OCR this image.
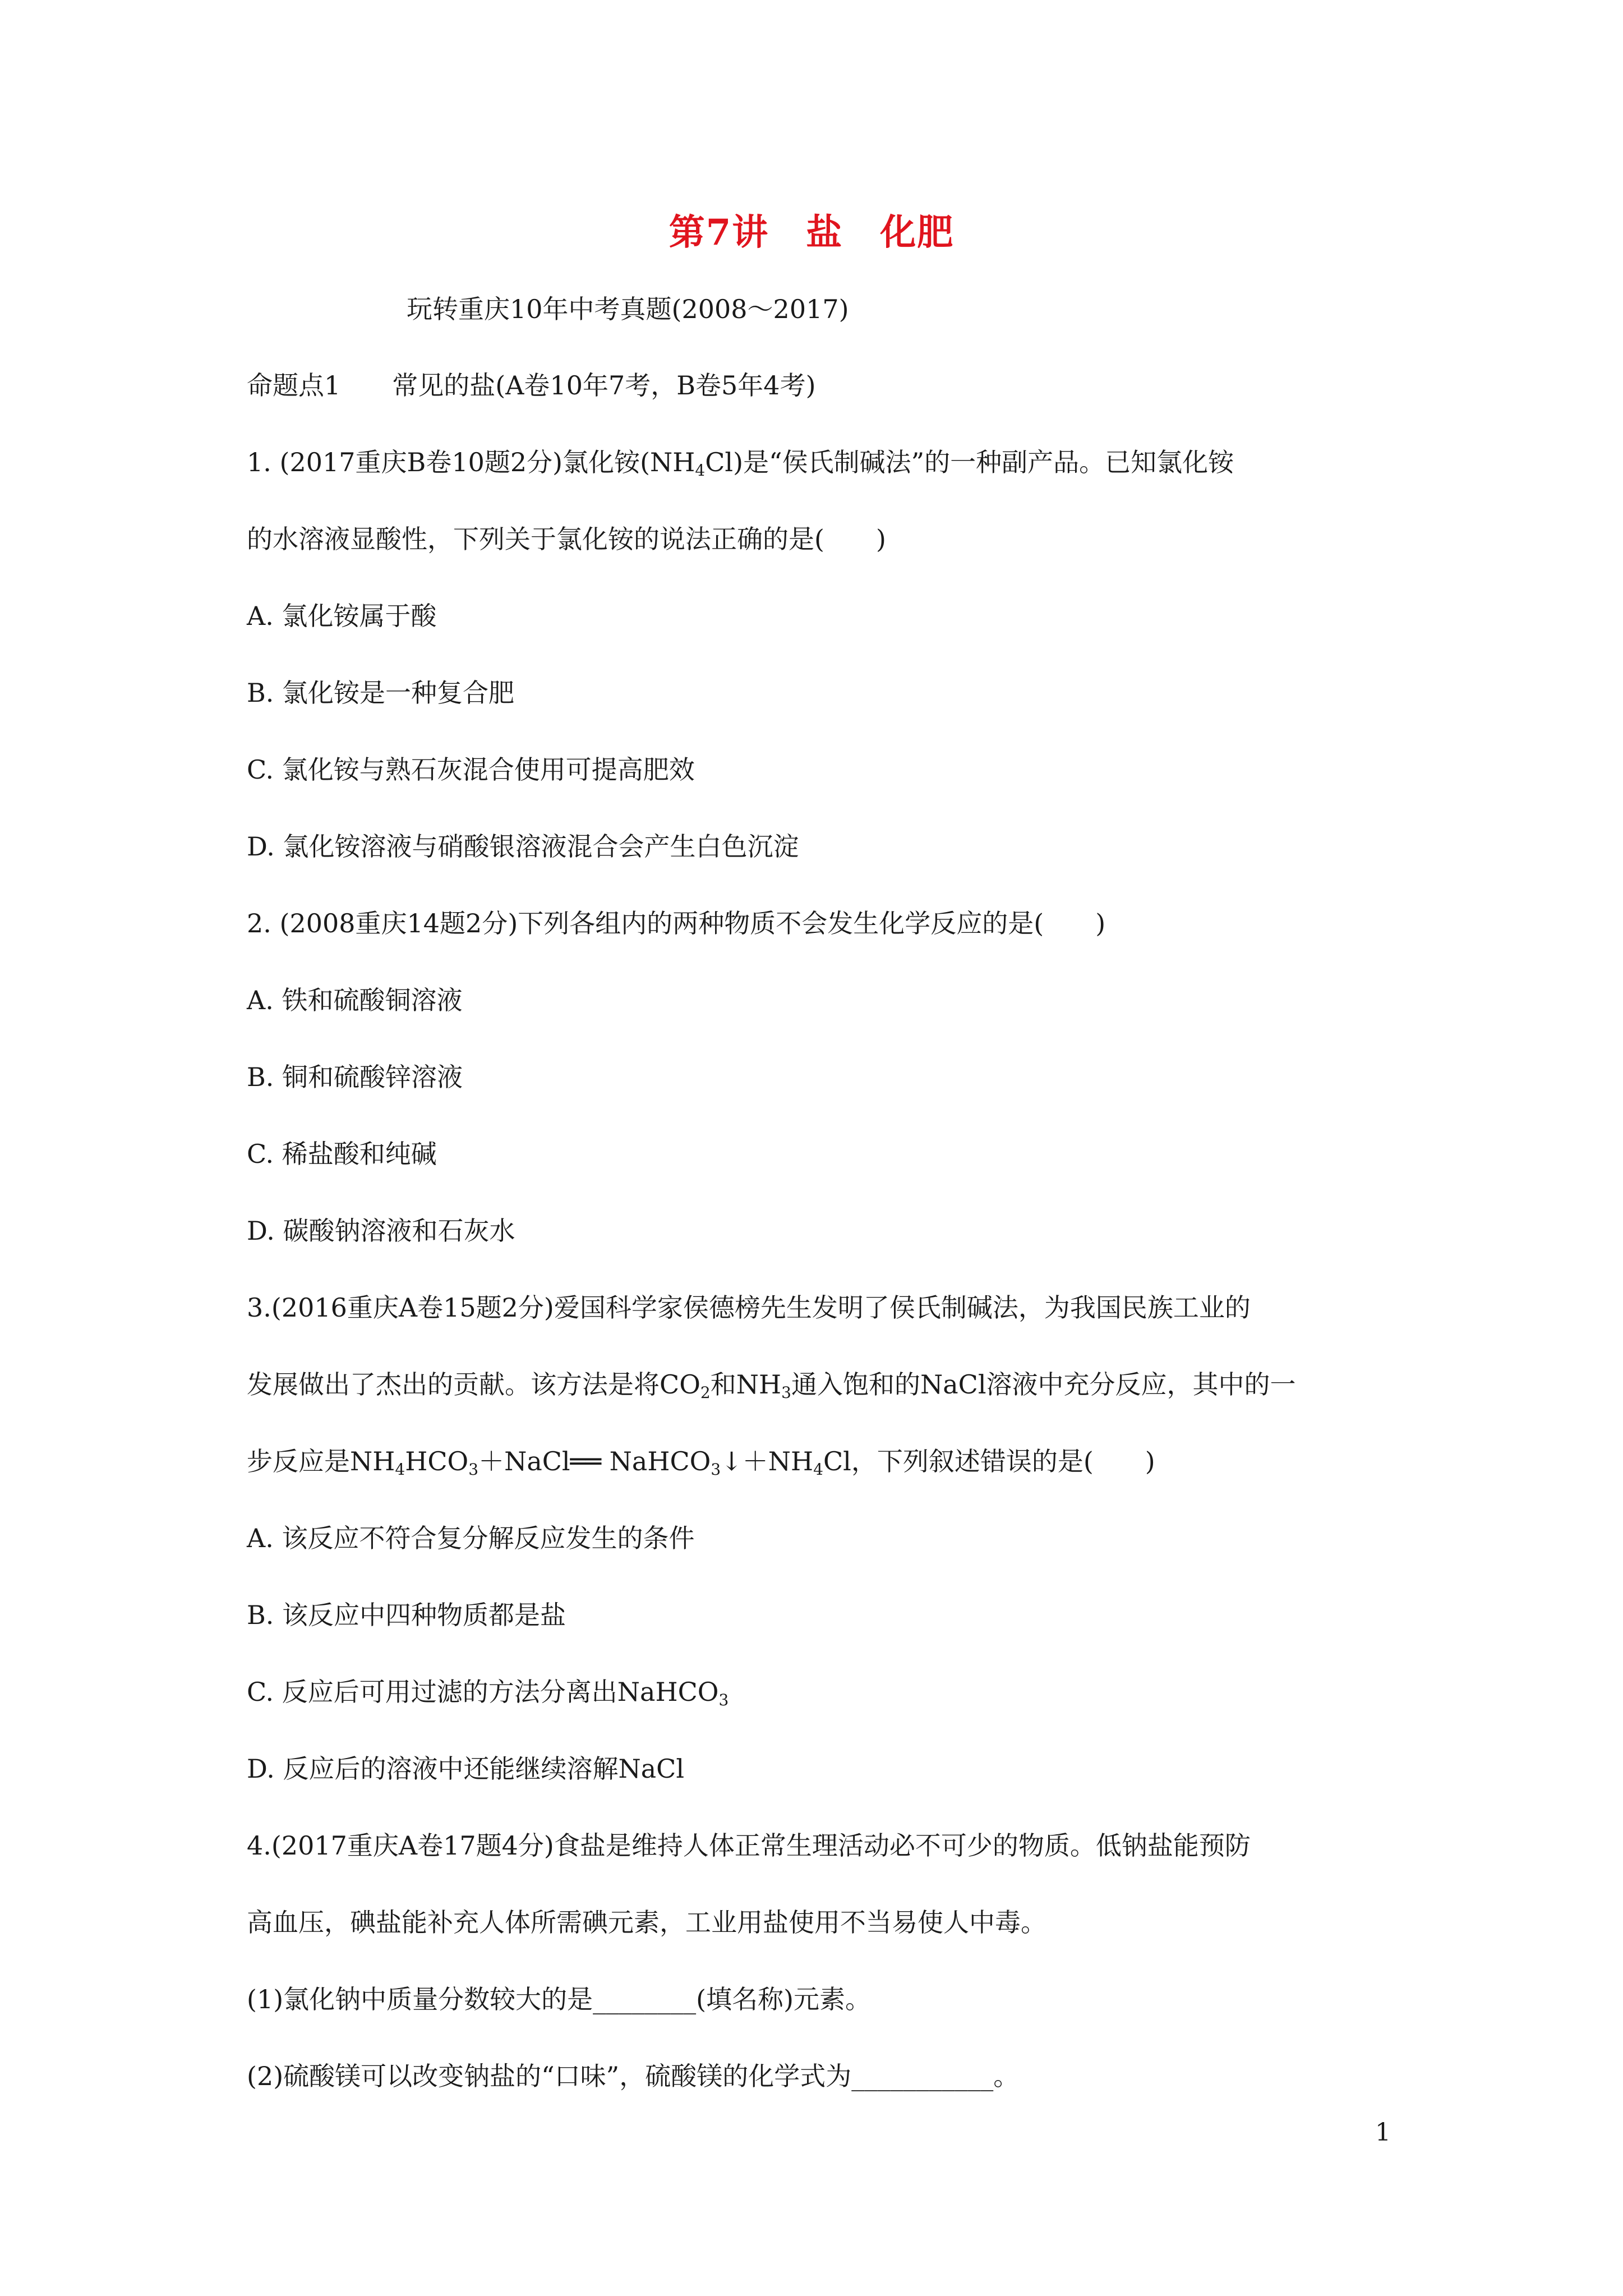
第7讲　盐　化肥
玩转重庆10年中考真题(2008～2017)
命题点1　　常见的盐(A卷10年7考，B卷5年4考)
1. (2017重庆B卷10题2分)氯化铵$(NH_4Cl)$是“侯氏制碱法”的一种副产品。已知氯化铵
的水溶液显酸性，下列关于氯化铵的说法正确的是(　　)
A. 氯化铵属于酸
B. 氯化铵是一种复合肥
C. 氯化铵与熟石灰混合使用可提高肥效
D. 氯化铵溶液与硝酸银溶液混合会产生白色沉淀
2. (2008重庆14题2分)下列各组内的两种物质不会发生化学反应的是(　　)
A. 铁和硫酸铜溶液
B. 铜和硫酸锌溶液
C. 稀盐酸和纯碱
D. 碳酸钠溶液和石灰水
3.(2016重庆A卷15题2分)爱国科学家侯德榜先生发明了侯氏制碱法，为我国民族工业的
发展做出了杰出的贡献。该方法是将$CO_2$和$NH_3$通入饱和的NaCl溶液中充分反应，其中的一
步反应是$NH_4HCO_3+NaCl══$ $NaHCO_3↓+NH_4Cl$，下列叙述错误的是(　　)
A. 该反应不符合复分解反应发生的条件
B. 该反应中四种物质都是盐
C. 反应后可用过滤的方法分离出NaHCO$_3$
D. 反应后的溶液中还能继续溶解NaCl
4.(2017重庆A卷17题4分)食盐是维持人体正常生理活动必不可少的物质。低钠盐能预防
高血压，碘盐能补充人体所需碘元素，工业用盐使用不当易使人中毒。
(1)氯化钠中质量分数较大的是________(填名称)元素。
(2)硫酸镁可以改变钠盐的“口味”，硫酸镁的化学式为___________。
1
